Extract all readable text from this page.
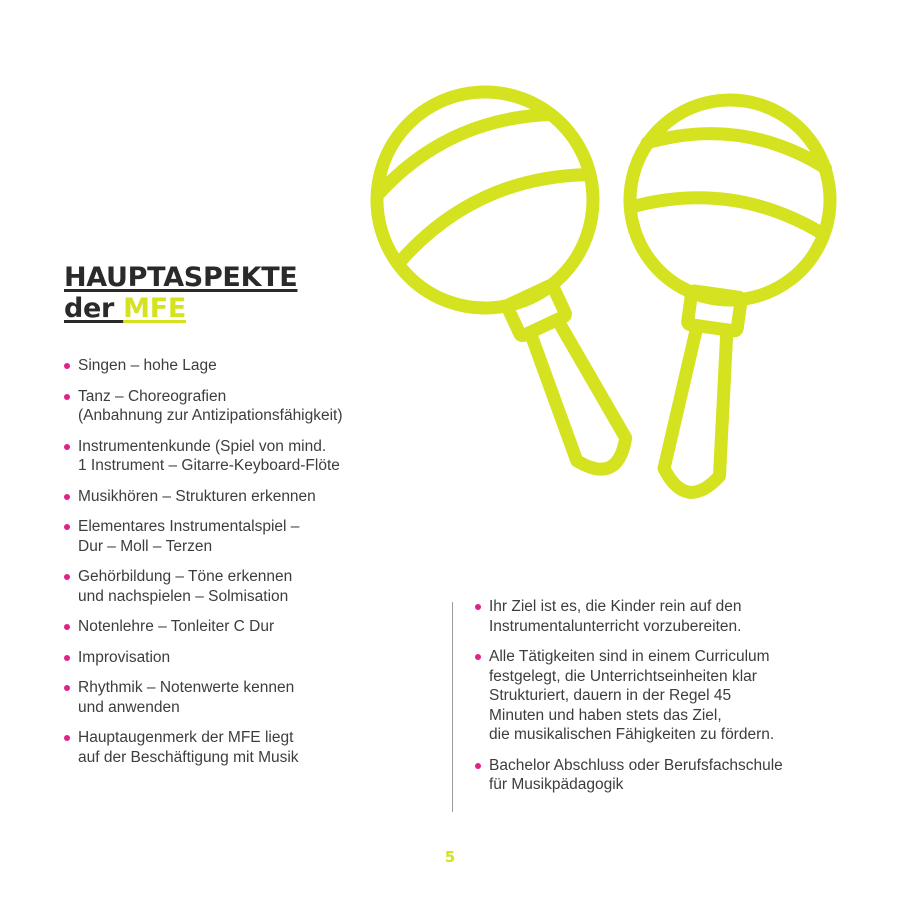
HAUPTASPEKTE
der MFE
Singen – hohe Lage
Tanz – Choreografien
(Anbahnung zur Antizipationsfähigkeit)
Instrumentenkunde (Spiel von mind.
1 Instrument – Gitarre-Keyboard-Flöte
Musikhören – Strukturen erkennen
Elementares Instrumentalspiel –
Dur – Moll – Terzen
Gehörbildung – Töne erkennen
und nachspielen – Solmisation
Notenlehre – Tonleiter C Dur
Improvisation
Rhythmik – Notenwerte kennen
und anwenden
Hauptaugenmerk der MFE liegt
auf der Beschäftigung mit Musik
Ihr Ziel ist es, die Kinder rein auf den
Instrumentalunterricht vorzubereiten.
Alle Tätigkeiten sind in einem Curriculum
festgelegt, die Unterrichtseinheiten klar
Strukturiert, dauern in der Regel 45
Minuten und haben stets das Ziel,
die musikalischen Fähigkeiten zu fördern.
Bachelor Abschluss oder Berufsfachschule
für Musikpädagogik
5
